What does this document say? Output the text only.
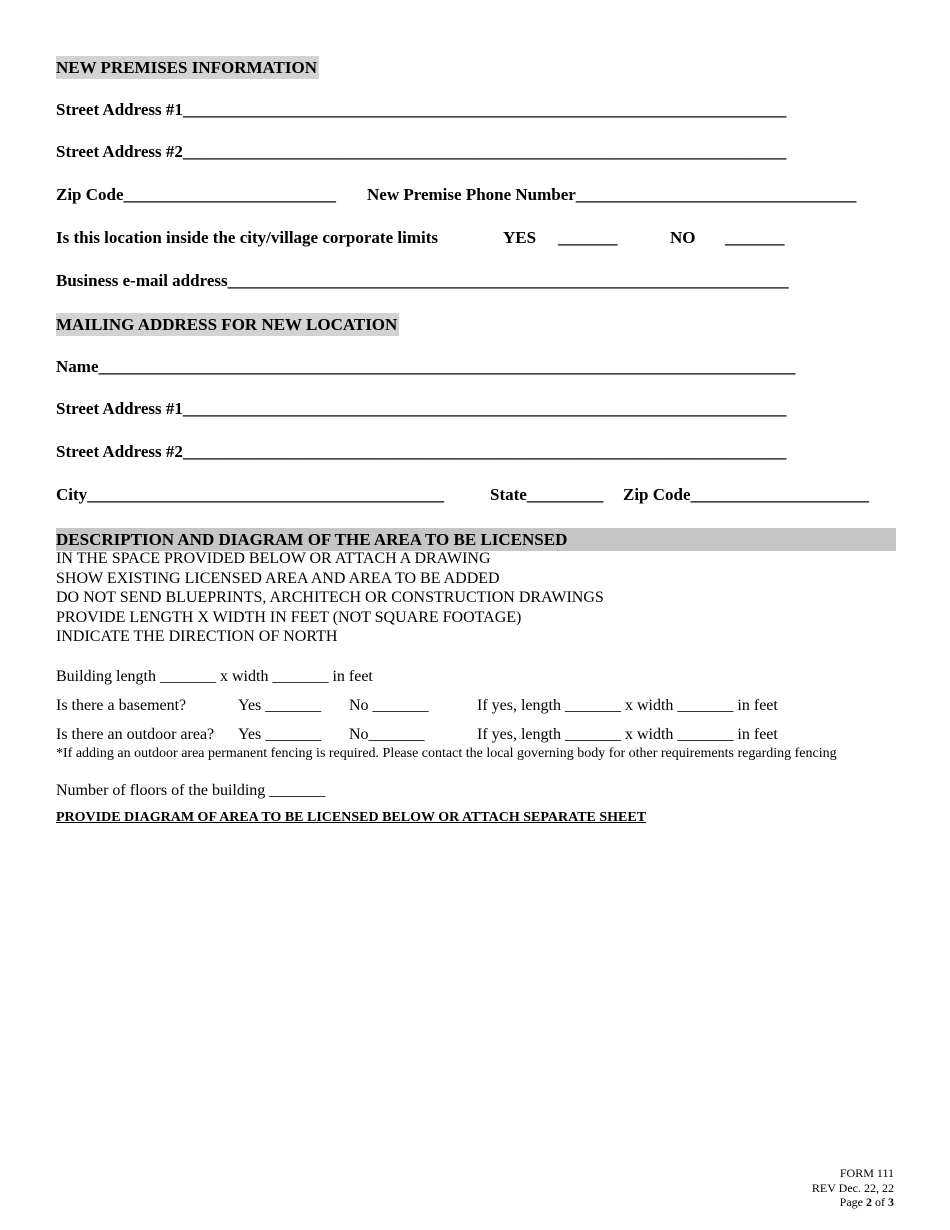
NEW PREMISES INFORMATION
Street Address #1_______________________________________________________________________
Street Address #2_______________________________________________________________________
Zip Code_________________________ New Premise Phone Number_________________________________
Is this location inside the city/village corporate limits	YES _______	NO _______
Business e-mail address__________________________________________________________________
MAILING ADDRESS FOR NEW LOCATION
Name__________________________________________________________________________________
Street Address #1_______________________________________________________________________
Street Address #2_______________________________________________________________________
City__________________________________________	State_________ Zip Code_____________________
DESCRIPTION AND DIAGRAM OF THE AREA TO BE LICENSED
IN THE SPACE PROVIDED BELOW OR ATTACH A DRAWING
SHOW EXISTING LICENSED AREA AND AREA TO BE ADDED
DO NOT SEND BLUEPRINTS, ARCHITECH OR CONSTRUCTION DRAWINGS
PROVIDE LENGTH X WIDTH IN FEET (NOT SQUARE FOOTAGE)
INDICATE THE DIRECTION OF NORTH
Building length _______ x width _______ in feet
Is there a basement?	Yes _______ No _______	If yes, length _______ x width _______ in feet
Is there an outdoor area? Yes _______ No_______	If yes, length _______ x width _______ in feet
*If adding an outdoor area permanent fencing is required. Please contact the local governing body for other requirements regarding fencing
Number of floors of the building _______
PROVIDE DIAGRAM OF AREA TO BE LICENSED BELOW OR ATTACH SEPARATE SHEET
FORM 111
REV Dec. 22, 22
Page 2 of 3
